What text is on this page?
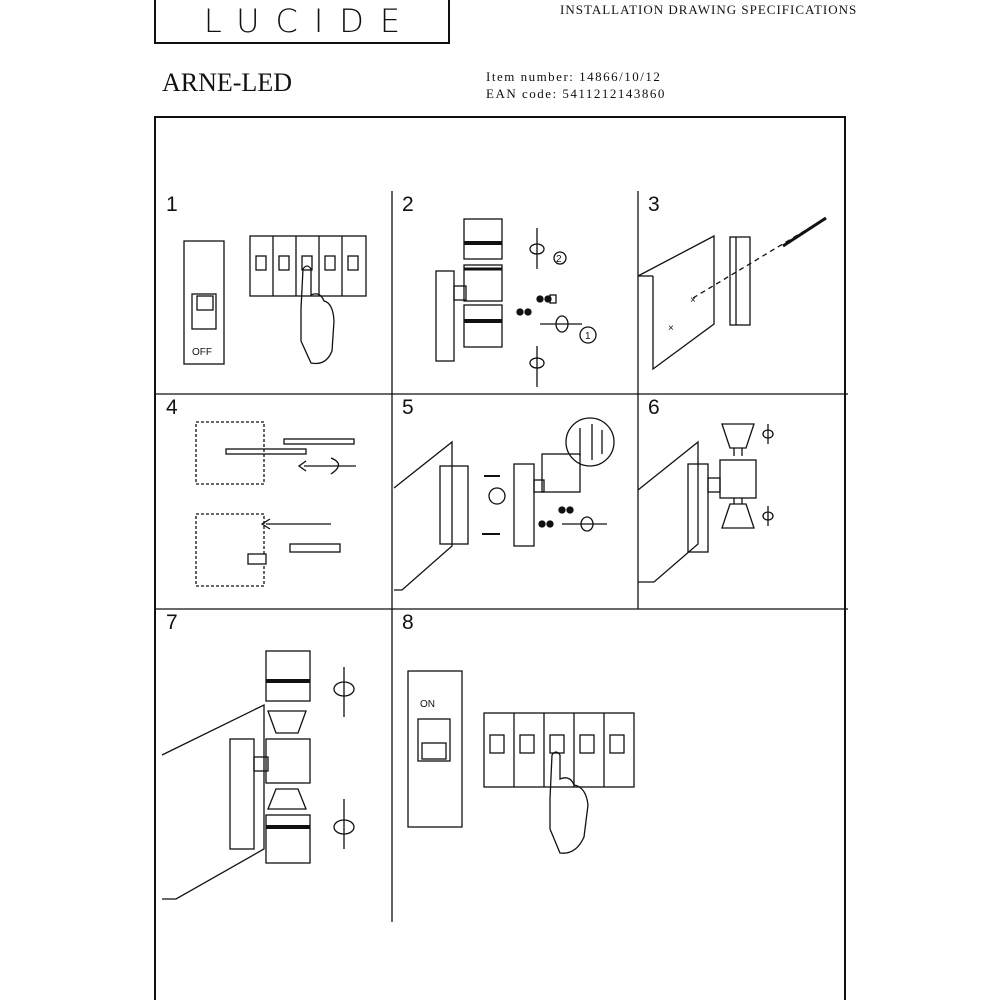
LUCIDE	INSTALLATION DRAWING SPECIFICATIONS
ARNE-LED	Item number: 14866/10/12
EAN code: 5411212143860
1
OFF
2
2
1
3
×
×
4	5	6
7	8
ON
